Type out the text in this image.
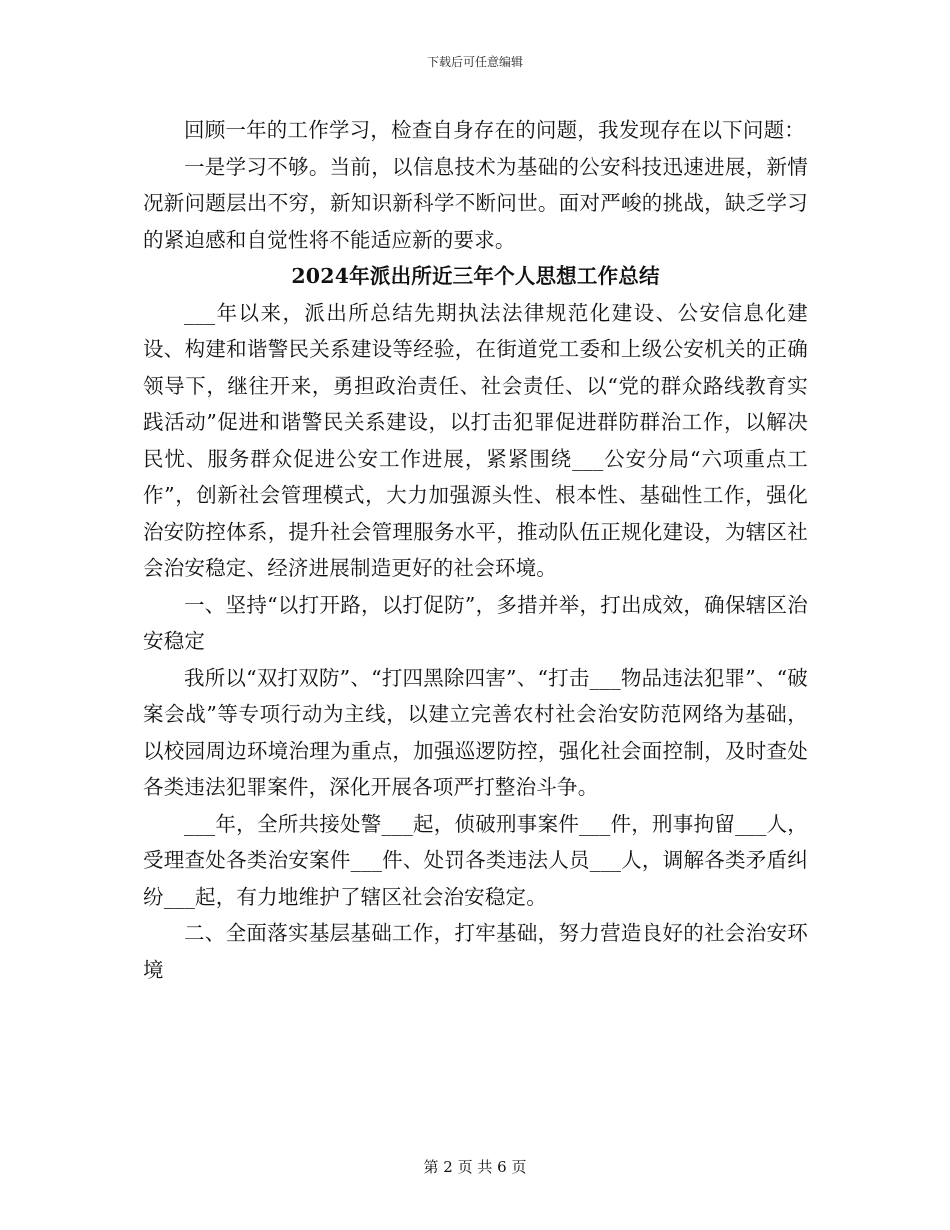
下载后可任意编辑

回顾一年的工作学习，检查自身存在的问题，我发现存在以下问题：

一是学习不够。当前，以信息技术为基础的公安科技迅速进展，新情况新问题层出不穷，新知识新科学不断问世。面对严峻的挑战，缺乏学习的紧迫感和自觉性将不能适应新的要求。

2024年派出所近三年个人思想工作总结

___年以来，派出所总结先期执法法律规范化建设、公安信息化建设、构建和谐警民关系建设等经验，在街道党工委和上级公安机关的正确领导下，继往开来，勇担政治责任、社会责任、以“党的群众路线教育实践活动”促进和谐警民关系建设，以打击犯罪促进群防群治工作，以解决民忧、服务群众促进公安工作进展，紧紧围绕___公安分局“六项重点工作”，创新社会管理模式，大力加强源头性、根本性、基础性工作，强化治安防控体系，提升社会管理服务水平，推动队伍正规化建设，为辖区社会治安稳定、经济进展制造更好的社会环境。

一、坚持“以打开路，以打促防”，多措并举，打出成效，确保辖区治安稳定

我所以“双打双防”、“打四黑除四害”、“打击___物品违法犯罪”、“破案会战”等专项行动为主线，以建立完善农村社会治安防范网络为基础，以校园周边环境治理为重点，加强巡逻防控，强化社会面控制，及时查处各类违法犯罪案件，深化开展各项严打整治斗争。

___年，全所共接处警___起，侦破刑事案件___件，刑事拘留___人，受理查处各类治安案件___件、处罚各类违法人员___人，调解各类矛盾纠纷___起，有力地维护了辖区社会治安稳定。

二、全面落实基层基础工作，打牢基础，努力营造良好的社会治安环境

第 2 页 共 6 页
